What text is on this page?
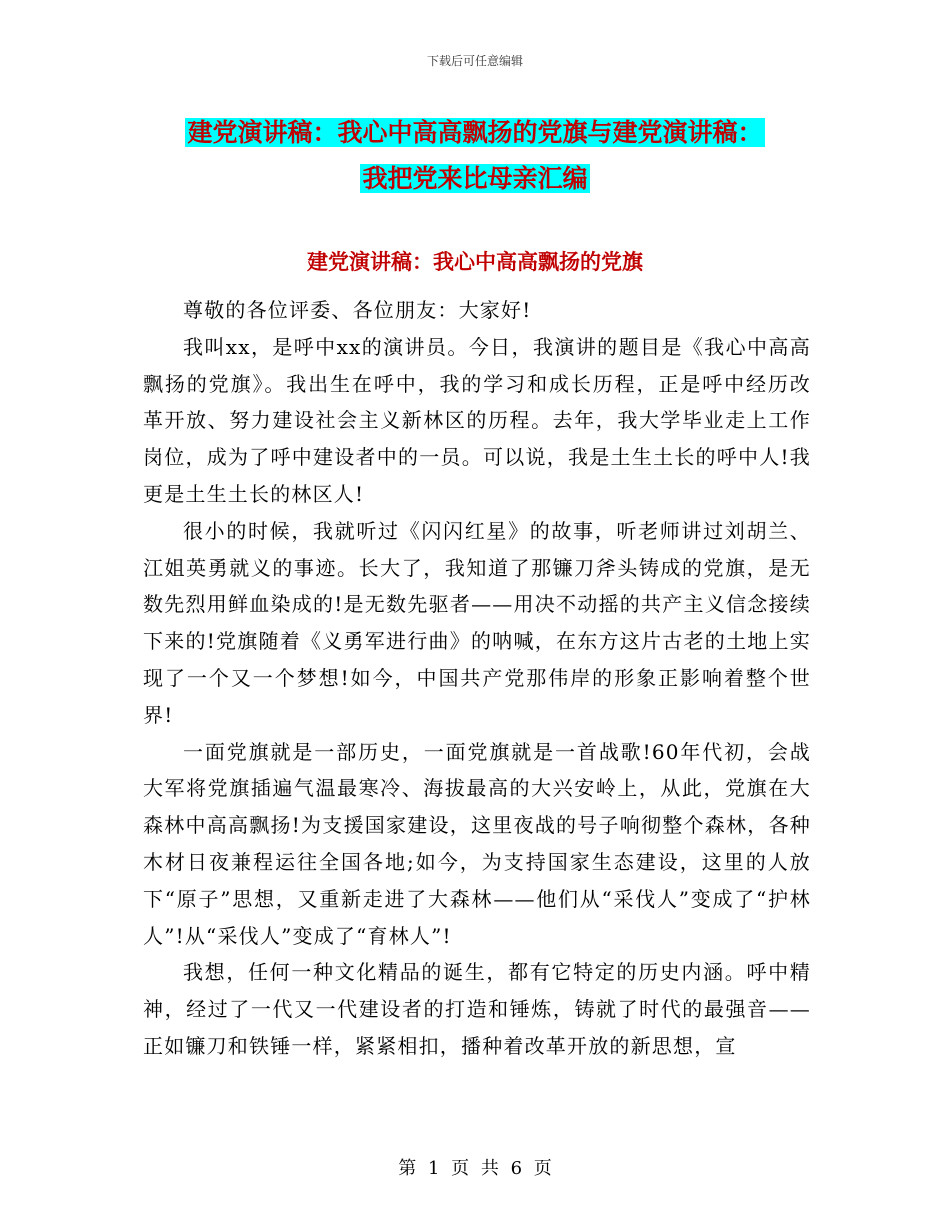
下载后可任意编辑
建党演讲稿：我心中高高飘扬的党旗与建党演讲稿：
我把党来比母亲汇编
建党演讲稿：我心中高高飘扬的党旗

尊敬的各位评委、各位朋友：大家好!

我叫xx，是呼中xx的演讲员。今日，我演讲的题目是《我心中高高飘扬的党旗》。我出生在呼中，我的学习和成长历程，正是呼中经历改革开放、努力建设社会主义新林区的历程。去年，我大学毕业走上工作岗位，成为了呼中建设者中的一员。可以说，我是土生土长的呼中人!我更是土生土长的林区人!

很小的时候，我就听过《闪闪红星》的故事，听老师讲过刘胡兰、江姐英勇就义的事迹。长大了，我知道了那镰刀斧头铸成的党旗，是无数先烈用鲜血染成的!是无数先驱者——用决不动摇的共产主义信念接续下来的!党旗随着《义勇军进行曲》的呐喊，在东方这片古老的土地上实现了一个又一个梦想!如今，中国共产党那伟岸的形象正影响着整个世界!

一面党旗就是一部历史，一面党旗就是一首战歌!60年代初，会战大军将党旗插遍气温最寒冷、海拔最高的大兴安岭上，从此，党旗在大森林中高高飘扬!为支援国家建设，这里夜战的号子响彻整个森林，各种木材日夜兼程运往全国各地;如今，为支持国家生态建设，这里的人放下“原子”思想，又重新走进了大森林——他们从“采伐人”变成了“护林人”!从“采伐人”变成了“育林人”!

我想，任何一种文化精品的诞生，都有它特定的历史内涵。呼中精神，经过了一代又一代建设者的打造和锤炼，铸就了时代的最强音——正如镰刀和铁锤一样，紧紧相扣，播种着改革开放的新思想，宣

第 1 页 共 6 页
